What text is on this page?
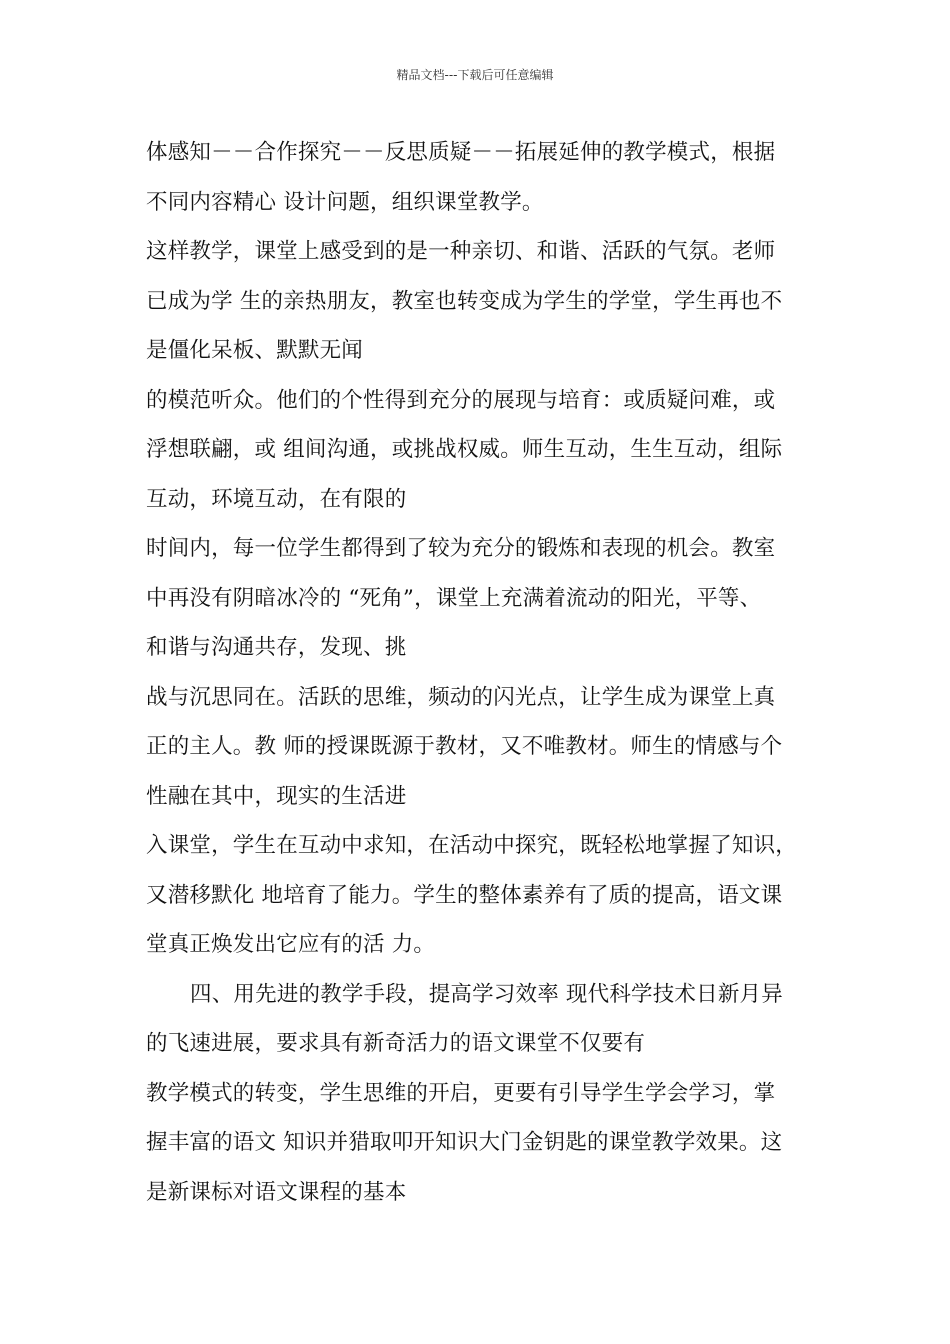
精品文档---下载后可任意编辑
体感知－－合作探究－－反思质疑－－拓展延伸的教学模式，根据
不同内容精心 设计问题，组织课堂教学。
这样教学，课堂上感受到的是一种亲切、和谐、活跃的气氛。老师
已成为学 生的亲热朋友，教室也转变成为学生的学堂，学生再也不
是僵化呆板、默默无闻
的模范听众。他们的个性得到充分的展现与培育：或质疑问难，或
浮想联翩，或 组间沟通，或挑战权威。师生互动，生生互动，组际
互动，环境互动，在有限的
时间内，每一位学生都得到了较为充分的锻炼和表现的机会。教室
中再没有阴暗冰冷的 “死角”，课堂上充满着流动的阳光，平等、
和谐与沟通共存，发现、挑
战与沉思同在。活跃的思维，频动的闪光点，让学生成为课堂上真
正的主人。教 师的授课既源于教材，又不唯教材。师生的情感与个
性融在其中，现实的生活进
入课堂，学生在互动中求知，在活动中探究，既轻松地掌握了知识，
又潜移默化 地培育了能力。学生的整体素养有了质的提高，语文课
堂真正焕发出它应有的活 力。
四、用先进的教学手段，提高学习效率 现代科学技术日新月异
的飞速进展，要求具有新奇活力的语文课堂不仅要有
教学模式的转变，学生思维的开启，更要有引导学生学会学习，掌
握丰富的语文 知识并猎取叩开知识大门金钥匙的课堂教学效果。这
是新课标对语文课程的基本
